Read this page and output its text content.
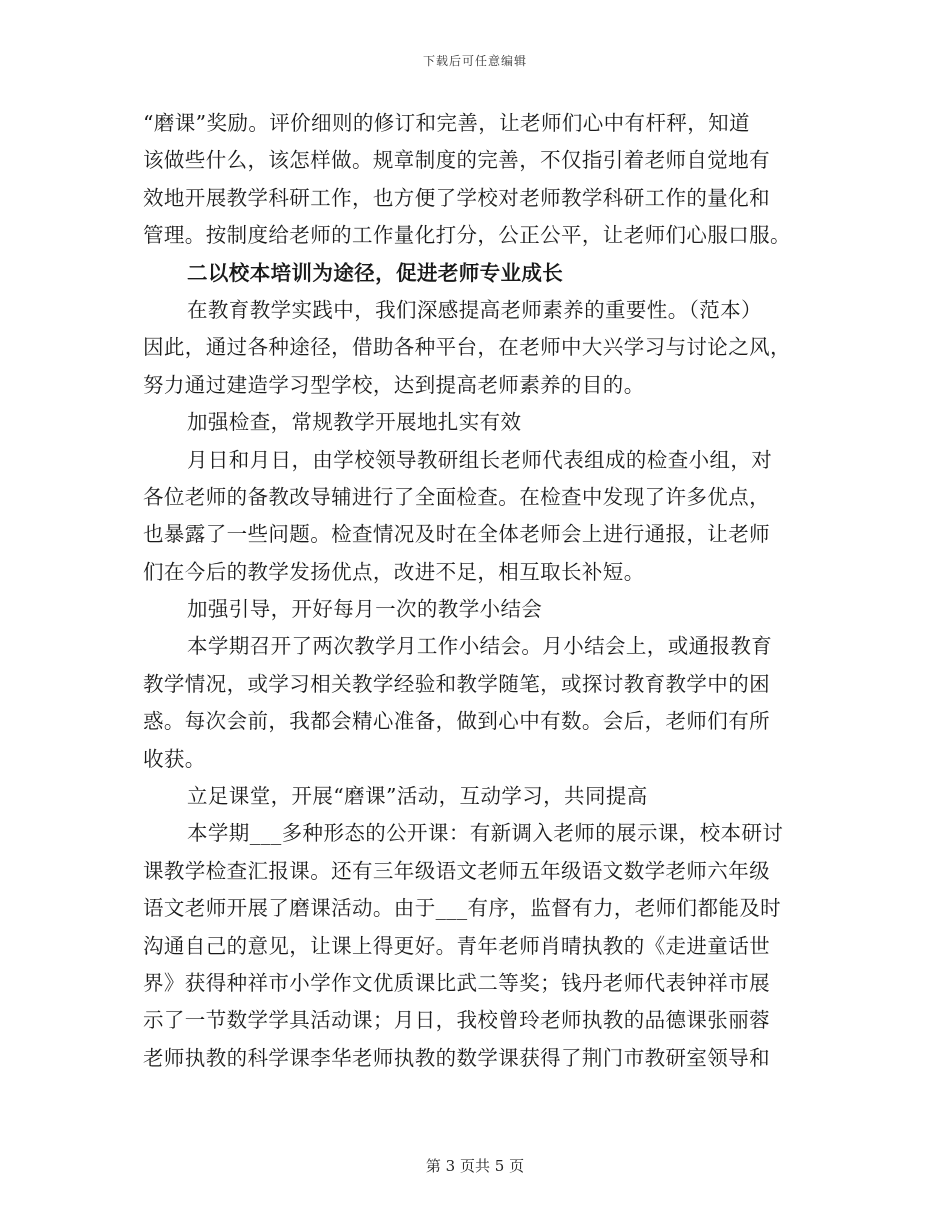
下载后可任意编辑
“磨课”奖励。评价细则的修订和完善，让老师们心中有杆秤，知道
该做些什么，该怎样做。规章制度的完善，不仅指引着老师自觉地有
效地开展教学科研工作，也方便了学校对老师教学科研工作的量化和
管理。按制度给老师的工作量化打分，公正公平，让老师们心服口服。
二以校本培训为途径，促进老师专业成长
在教育教学实践中，我们深感提高老师素养的重要性。（范本）
因此，通过各种途径，借助各种平台，在老师中大兴学习与讨论之风，
努力通过建造学习型学校，达到提高老师素养的目的。
加强检查，常规教学开展地扎实有效
月日和月日，由学校领导教研组长老师代表组成的检查小组，对
各位老师的备教改导辅进行了全面检查。在检查中发现了许多优点，
也暴露了一些问题。检查情况及时在全体老师会上进行通报，让老师
们在今后的教学发扬优点，改进不足，相互取长补短。
加强引导，开好每月一次的教学小结会
本学期召开了两次教学月工作小结会。月小结会上，或通报教育
教学情况，或学习相关教学经验和教学随笔，或探讨教育教学中的困
惑。每次会前，我都会精心准备，做到心中有数。会后，老师们有所
收获。
立足课堂，开展“磨课”活动，互动学习，共同提高
本学期___多种形态的公开课：有新调入老师的展示课，校本研讨
课教学检查汇报课。还有三年级语文老师五年级语文数学老师六年级
语文老师开展了磨课活动。由于___有序，监督有力，老师们都能及时
沟通自己的意见，让课上得更好。青年老师肖晴执教的《走进童话世
界》获得种祥市小学作文优质课比武二等奖；钱丹老师代表钟祥市展
示了一节数学学具活动课；月日，我校曾玲老师执教的品德课张丽蓉
老师执教的科学课李华老师执教的数学课获得了荆门市教研室领导和
第 3 页共 5 页
